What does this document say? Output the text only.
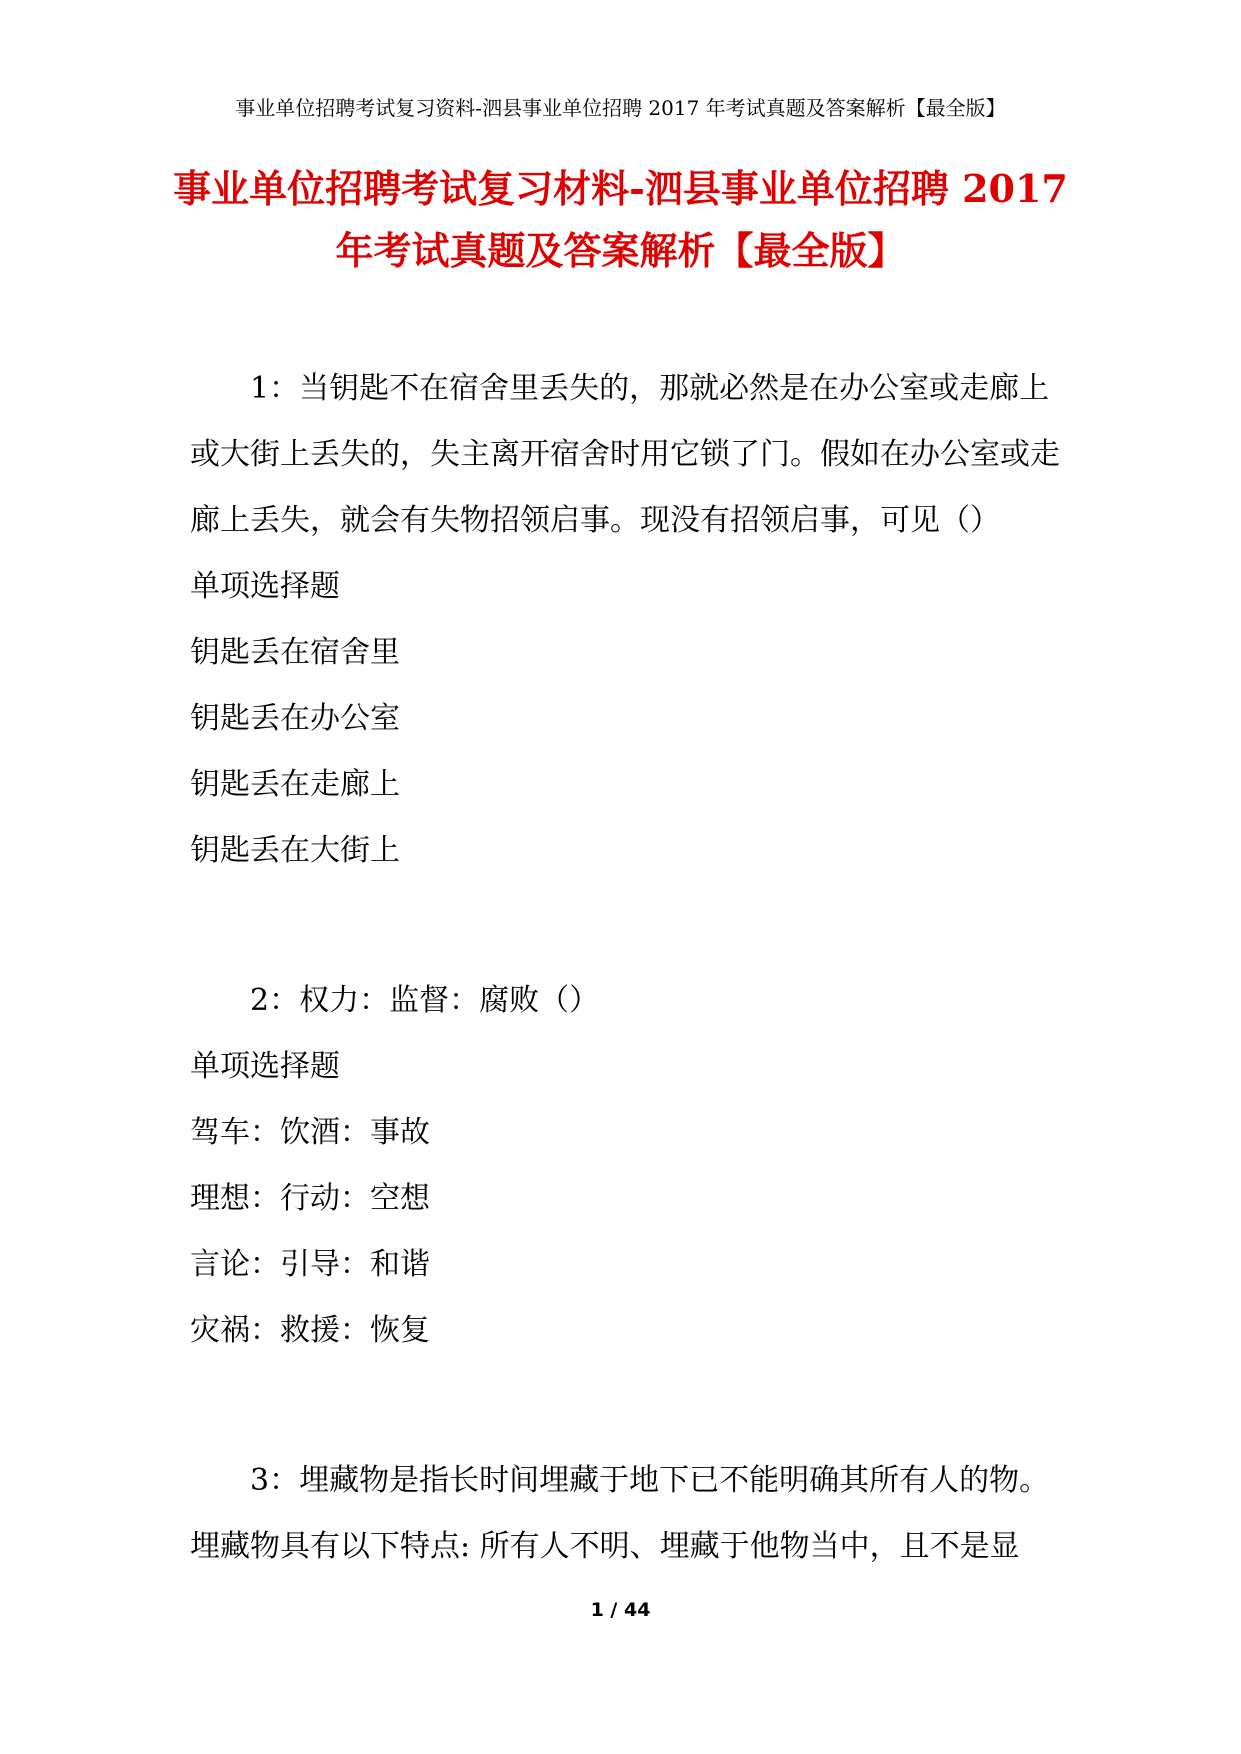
事业单位招聘考试复习资料-泗县事业单位招聘 2017 年考试真题及答案解析【最全版】
事业单位招聘考试复习材料-泗县事业单位招聘 2017
年考试真题及答案解析【最全版】

1：当钥匙不在宿舍里丢失的，那就必然是在办公室或走廊上或大街上丢失的，失主离开宿舍时用它锁了门。假如在办公室或走廊上丢失，就会有失物招领启事。现没有招领启事，可见（）

单项选择题
钥匙丢在宿舍里
钥匙丢在办公室
钥匙丢在走廊上
钥匙丢在大街上

2：权力：监督：腐败（）

单项选择题
驾车：饮酒：事故
理想：行动：空想
言论：引导：和谐
灾祸：救援：恢复

3：埋藏物是指长时间埋藏于地下已不能明确其所有人的物。埋藏物具有以下特点: 所有人不明、埋藏于他物当中，且不是显

1 / 44
